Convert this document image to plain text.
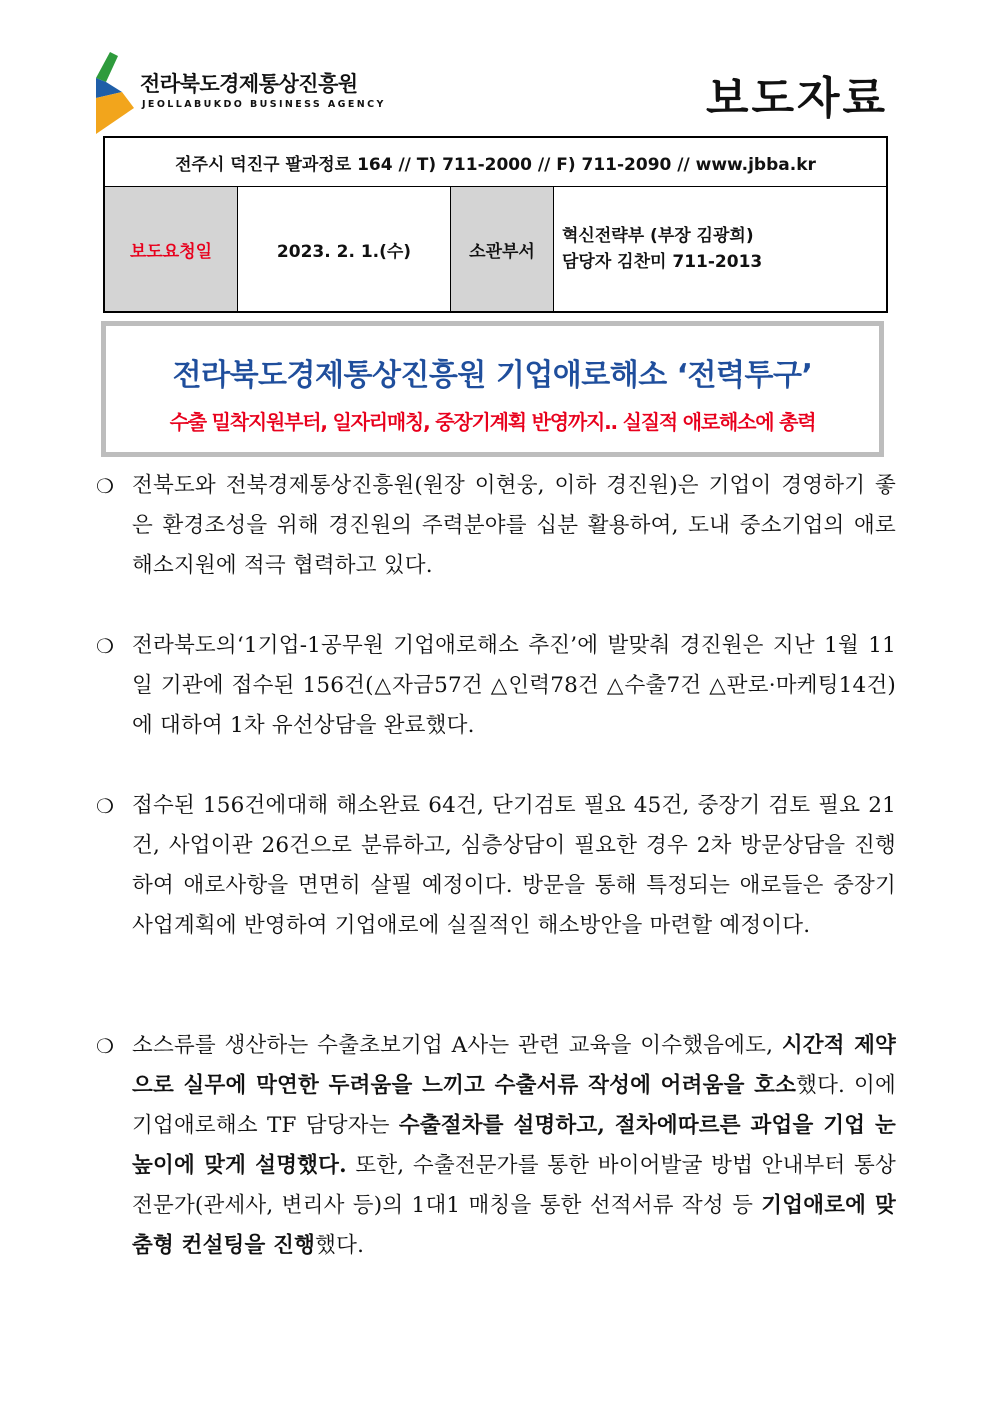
전라북도경제통상진흥원
JEOLLABUKDO BUSINESS AGENCY	보도자료
전주시 덕진구 팔과정로 164 // T) 711-2000 // F) 711-2090 // www.jbba.kr
보도요청일	2023. 2. 1.(수)	소관부서	
혁신전략부 (부장 김광희)
담당자 김찬미 711-2013
전라북도경제통상진흥원 기업애로해소 ‘전력투구’
수출 밀착지원부터, 일자리매칭, 중장기계획 반영까지.. 실질적 애로해소에 총력
❍ 전북도와 전북경제통상진흥원(원장 이현웅, 이하 경진원)은 기업이 경영하기 좋은 환경조성을 위해 경진원의 주력분야를 십분 활용하여, 도내 중소기업의 애로 해소지원에 적극 협력하고 있다.

❍ 전라북도의‘1기업-1공무원 기업애로해소 추진’에 발맞춰 경진원은 지난 1월 11일 기관에 접수된 156건(△자금57건 △인력78건 △수출7건 △판로·마케팅14건)에 대하여 1차 유선상담을 완료했다.

❍ 접수된 156건에대해 해소완료 64건, 단기검토 필요 45건, 중장기 검토 필요 21건, 사업이관 26건으로 분류하고, 심층상담이 필요한 경우 2차 방문상담을 진행하여 애로사항을 면면히 살필 예정이다. 방문을 통해 특정되는 애로들은 중장기 사업계획에 반영하여 기업애로에 실질적인 해소방안을 마련할 예정이다.

❍ 소스류를 생산하는 수출초보기업 A사는 관련 교육을 이수했음에도, 시간적 제약으로 실무에 막연한 두려움을 느끼고 수출서류 작성에 어려움을 호소했다. 이에 기업애로해소 TF 담당자는 수출절차를 설명하고, 절차에따르른 과업을 기업 눈높이에 맞게 설명했다. 또한, 수출전문가를 통한 바이어발굴 방법 안내부터 통상전문가(관세사, 변리사 등)의 1대1 매칭을 통한 선적서류 작성 등 기업애로에 맞춤형 컨설팅을 진행했다.
